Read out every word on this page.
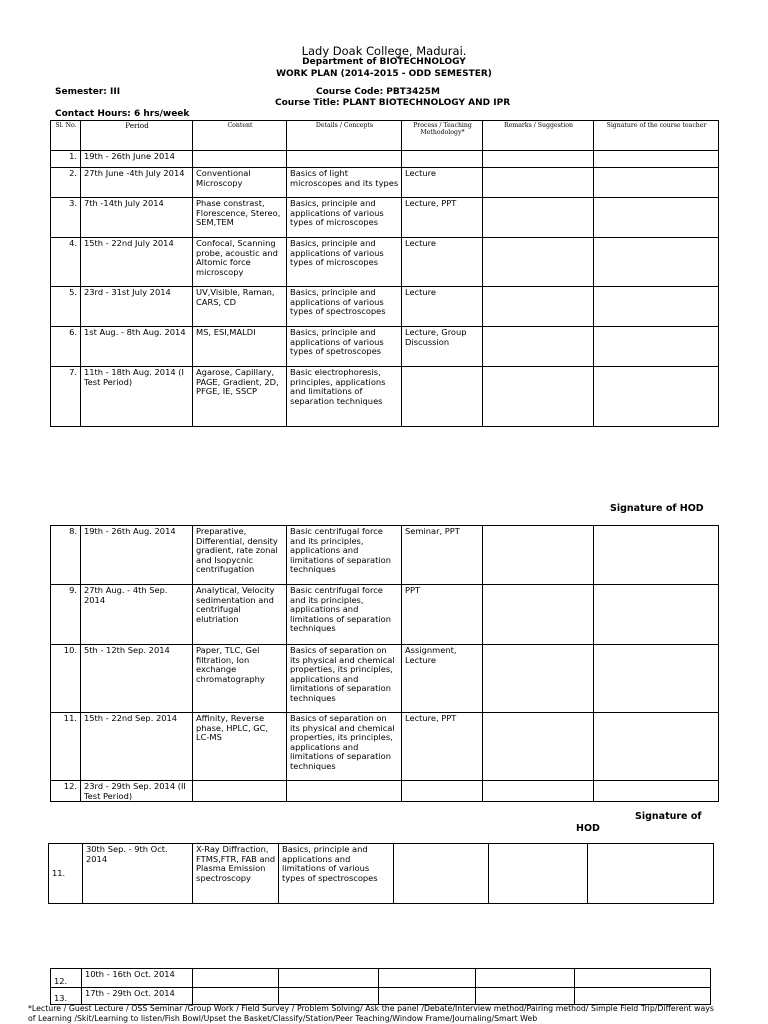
Lady Doak College, Madurai.
Department of BIOTECHNOLOGY
WORK PLAN (2014-2015 - ODD SEMESTER)
Semester: III	Course Code: PBT3425M
Course Title: PLANT BIOTECHNOLOGY AND IPR
Contact Hours: 6 hrs/week
Sl. No.	Period	Content	Details / Concepts	Process / Teaching Methodology*	Remarks / Suggestion	Signature of the course teacher
1.	19th - 26th June 2014					
2.	27th June -4th July 2014	Conventional Microscopy	Basics of light microscopes and its types	Lecture		
3.	7th -14th July 2014	Phase constrast, Florescence, Stereo, SEM,TEM	Basics, principle and applications of various types of microscopes	Lecture, PPT		
4.	15th - 22nd July 2014	Confocal, Scanning probe, acoustic and Altomic force microscopy	Basics, principle and applications of various types of microscopes	Lecture		
5.	23rd - 31st July 2014	UV,Visible, Raman, CARS, CD	Basics, principle and applications of various types of spectroscopes	Lecture		
6.	1st Aug. - 8th Aug. 2014	MS, ESI,MALDI	Basics, principle and applications of various types of spetroscopes	Lecture, Group Discussion		
7.	11th - 18th Aug. 2014 (I Test Period)	Agarose, Capillary, PAGE, Gradient, 2D, PFGE, IE, SSCP	Basic electrophoresis, principles, applications and limitations of separation techniques			
Signature of HOD
8.	19th - 26th Aug. 2014	Preparative, Differential, density gradient, rate zonal and Isopycnic centrifugation	Basic centrifugal force and its principles, applications and limitations of separation techniques	Seminar, PPT		
9.	27th Aug. - 4th Sep. 2014	Analytical, Velocity sedimentation and centrifugal elutriation	Basic centrifugal force and its principles, applications and limitations of separation techniques	PPT		
10.	5th - 12th Sep. 2014	Paper, TLC, Gel filtration, Ion exchange chromatography	Basics of separation on its physical and chemical properties, its principles, applications and limitations of separation techniques	Assignment, Lecture		
11.	15th - 22nd Sep. 2014	Affinity, Reverse phase, HPLC, GC, LC-MS	Basics of separation on its physical and chemical properties, its principles, applications and limitations of separation techniques	Lecture, PPT		
12.	23rd - 29th Sep. 2014 (II Test Period)					
Signature of
HOD
11.	30th Sep. - 9th Oct. 2014	X-Ray Diffraction, FTMS,FTR, FAB and Plasma Emission spectroscopy	Basics, principle and applications and limitations of various types of spectroscopes			
12.	10th - 16th Oct. 2014					
13.	17th - 29th Oct. 2014					
*Lecture / Guest Lecture / OSS Seminar /Group Work / Field Survey / Problem Solving/ Ask the panel /Debate/Interview method/Pairing method/ Simple Field Trip/Different ways of Learning /Skit/Learning to listen/Fish Bowl/Upset the Basket/Classify/Station/Peer Teaching/Window Frame/Journaling/Smart Web
